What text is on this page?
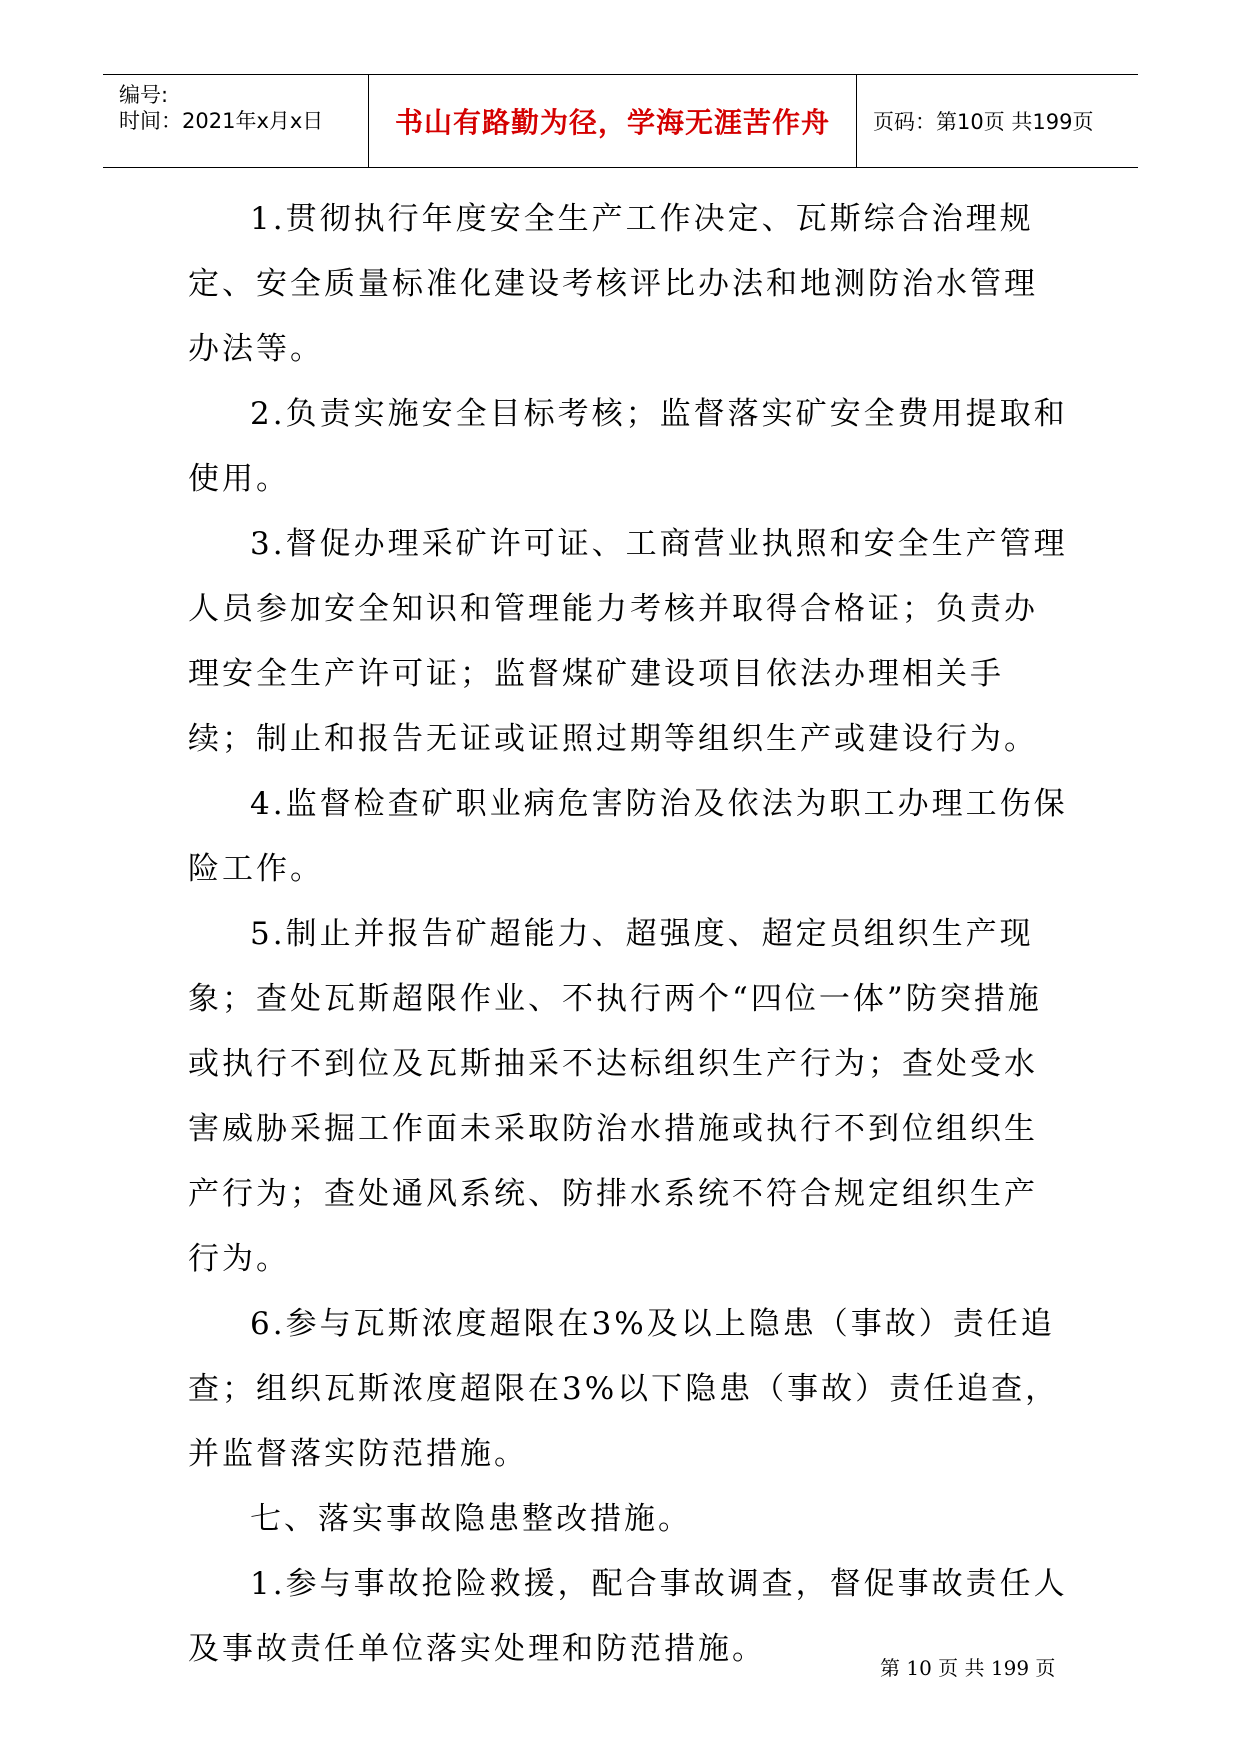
编号:
时间：2021年x月x日	书山有路勤为径，学海无涯苦作舟 页码：第10页 共199页

1.贯彻执行年度安全生产工作决定、瓦斯综合治理规定、安全质量标准化建设考核评比办法和地测防治水管理办法等。

2.负责实施安全目标考核；监督落实矿安全费用提取和使用。

3.督促办理采矿许可证、工商营业执照和安全生产管理人员参加安全知识和管理能力考核并取得合格证；负责办理安全生产许可证；监督煤矿建设项目依法办理相关手续；制止和报告无证或证照过期等组织生产或建设行为。

4.监督检查矿职业病危害防治及依法为职工办理工伤保险工作。

5.制止并报告矿超能力、超强度、超定员组织生产现象；查处瓦斯超限作业、不执行两个“四位一体”防突措施或执行不到位及瓦斯抽采不达标组织生产行为；查处受水害威胁采掘工作面未采取防治水措施或执行不到位组织生产行为；查处通风系统、防排水系统不符合规定组织生产行为。

6.参与瓦斯浓度超限在3%及以上隐患（事故）责任追查；组织瓦斯浓度超限在3%以下隐患（事故）责任追查，并监督落实防范措施。

七、落实事故隐患整改措施。

1.参与事故抢险救援，配合事故调查，督促事故责任人及事故责任单位落实处理和防范措施。

第 10 页 共 199 页
